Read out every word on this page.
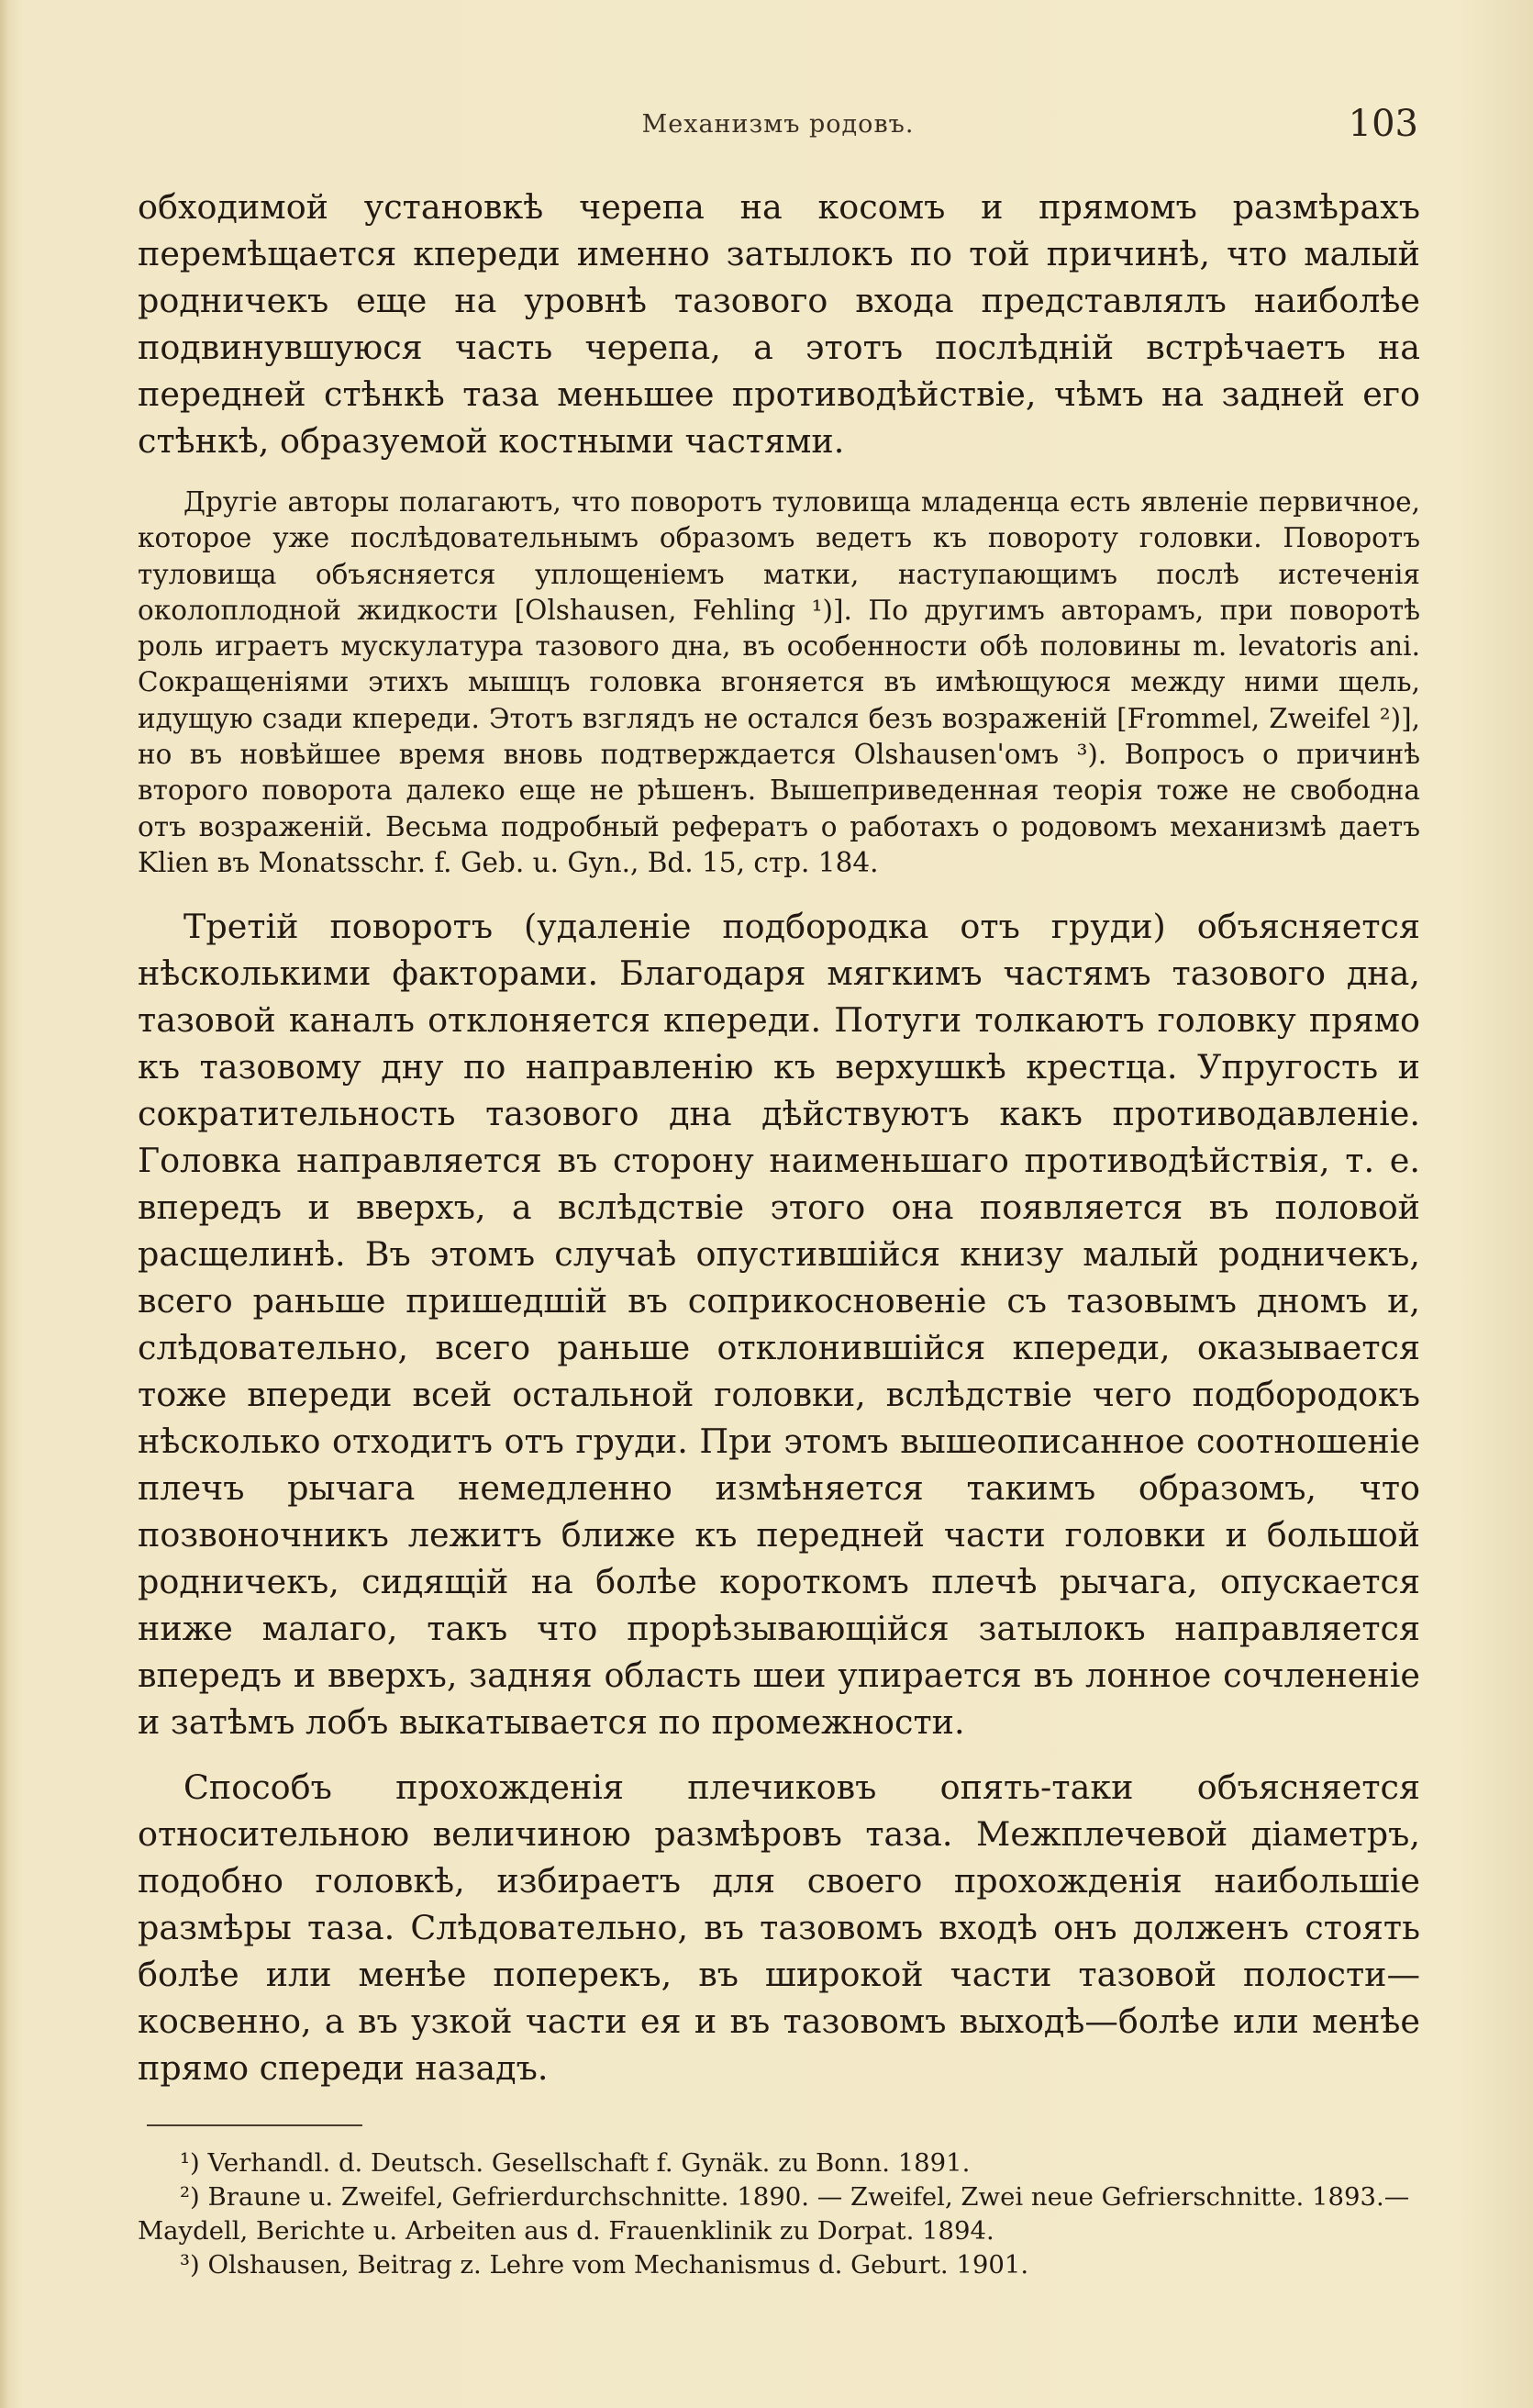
Механизмъ родовъ.	103

обходимой установкѣ черепа на косомъ и прямомъ размѣрахъ перемѣщается кпереди именно затылокъ по той причинѣ, что малый родничекъ еще на уровнѣ тазового входа представлялъ наиболѣе подвинувшуюся часть черепа, а этотъ послѣднiй встрѣчаетъ на передней стѣнкѣ таза меньшее противодѣйствiе, чѣмъ на задней его стѣнкѣ, образуемой костными частями.

Другiе авторы полагаютъ, что поворотъ туловища младенца есть явленiе первичное, которое уже послѣдовательнымъ образомъ ведетъ къ повороту головки. Поворотъ туловища объясняется уплощенiемъ матки, наступающимъ послѣ истеченiя околоплодной жидкости [Olshausen, Fehling ¹)]. По другимъ авторамъ, при поворотѣ роль играетъ мускулатура тазового дна, въ особенности обѣ половины m. levatoris ani. Сокращенiями этихъ мышцъ головка вгоняется въ имѣющуюся между ними щель, идущую сзади кпереди. Этотъ взглядъ не остался безъ возраженiй [Frommel, Zweifel ²)], но въ новѣйшее время вновь подтверждается Olshausen'омъ ³). Вопросъ о причинѣ второго поворота далеко еще не рѣшенъ. Вышеприведенная теорiя тоже не свободна отъ возраженiй. Весьма подробный рефератъ о работахъ о родовомъ механизмѣ даетъ Klien въ Monatsschr. f. Geb. u. Gyn., Bd. 15, стр. 184.

Третiй поворотъ (удаленiе подбородка отъ груди) объясняется нѣсколькими факторами. Благодаря мягкимъ частямъ тазового дна, тазовой каналъ отклоняется кпереди. Потуги толкаютъ головку прямо къ тазовому дну по направленiю къ верхушкѣ крестца. Упругость и сократительность тазового дна дѣйствуютъ какъ противодавленiе. Головка направляется въ сторону наименьшаго противодѣйствiя, т. е. впередъ и вверхъ, а вслѣдствiе этого она появляется въ половой расщелинѣ. Въ этомъ случаѣ опустившiйся книзу малый родничекъ, всего раньше пришедшiй въ соприкосновенiе съ тазовымъ дномъ и, слѣдовательно, всего раньше отклонившiйся кпереди, оказывается тоже впереди всей остальной головки, вслѣдствiе чего подбородокъ нѣсколько отходитъ отъ груди. При этомъ вышеописанное соотношенiе плечъ рычага немедленно измѣняется такимъ образомъ, что позвоночникъ лежитъ ближе къ передней части головки и большой родничекъ, сидящiй на болѣе короткомъ плечѣ рычага, опускается ниже малаго, такъ что прорѣзывающiйся затылокъ направляется впередъ и вверхъ, задняя область шеи упирается въ лонное сочлененiе и затѣмъ лобъ выкатывается по промежности.

Способъ прохожденiя плечиковъ опять-таки объясняется относительною величиною размѣровъ таза. Межплечевой дiаметръ, подобно головкѣ, избираетъ для своего прохожденiя наибольшiе размѣры таза. Слѣдовательно, въ тазовомъ входѣ онъ долженъ стоять болѣе или менѣе поперекъ, въ широкой части тазовой полости—косвенно, а въ узкой части ея и въ тазовомъ выходѣ—болѣе или менѣе прямо спереди назадъ.

¹) Verhandl. d. Deutsch. Gesellschaft f. Gynäk. zu Bonn. 1891.

²) Braune u. Zweifel, Gefrierdurchschnitte. 1890. — Zweifel, Zwei neue Gefrierschnitte. 1893.—Maydell, Berichte u. Arbeiten aus d. Frauenklinik zu Dorpat. 1894.

³) Olshausen, Beitrag z. Lehre vom Mechanismus d. Geburt. 1901.
